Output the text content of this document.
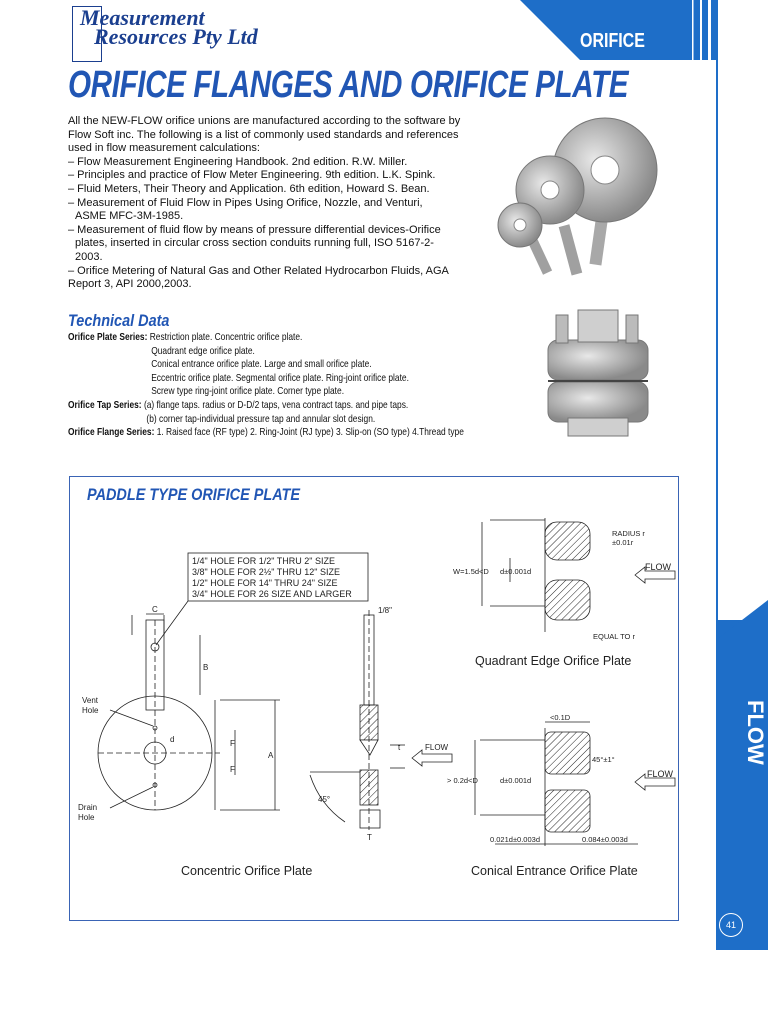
ORIFICE
FLOW
41
Measurement
Resources Pty Ltd
ORIFICE FLANGES AND ORIFICE PLATE

All the NEW-FLOW orifice unions are manufactured according to the software by Flow Soft inc. The following is a list of commonly used standards and references used in flow measurement calculations:

– Flow Measurement Engineering Handbook. 2nd edition. R.W. Miller.

– Principles and practice of Flow Meter Engineering. 9th edition. L.K. Spink.

– Fluid Meters, Their Theory and Application. 6th edition, Howard S. Bean.

– Measurement of Fluid Flow in Pipes Using Orifice, Nozzle, and Venturi,

ASME MFC-3M-1985.

– Measurement of fluid flow by means of pressure differential devices-Orifice

plates, inserted in circular cross section conduits running full, ISO 5167-2-

2003.

– Orifice Metering of Natural Gas and Other Related Hydrocarbon Fluids, AGA

Report 3, API 2000,2003.

Technical Data
Orifice Plate Series: Restriction plate. Concentric orifice plate.
Quadrant edge orifice plate.
Conical entrance orifice plate. Large and small orifice plate.
Eccentric orifice plate. Segmental orifice plate. Ring-joint orifice plate.
Screw type ring-joint orifice plate. Corner type plate.
Orifice Tap Series: (a) flange taps. radius or D-D/2 taps, vena contract taps. and pipe taps.
(b) corner tap-individual pressure tap and annular slot design.
Orifice Flange Series: 1. Raised face (RF type) 2. Ring-Joint (RJ type) 3. Slip-on (SO type) 4.Thread type
PADDLE TYPE ORIFICE PLATE
1/4" HOLE FOR 1/2" THRU 2" SIZE
3/8" HOLE FOR 2½" THRU 12" SIZE
1/2" HOLE FOR 14" THRU 24" SIZE
3/4" HOLE FOR 26 SIZE AND LARGER
C
B
A
F
F
d
Vent
Hole
Drain
Hole
1/8"
t
T
45°
FLOW
RADIUS r
±0.01r
EQUAL TO r
W=1.5d<D d±0.001d	FLOW
<0.1D
45°±1°
> 0.2d<D	d±0.001d
0.021d±0.003d	0.084±0.003d
FLOW
Concentric Orifice Plate
Quadrant Edge Orifice Plate
Conical Entrance Orifice Plate
